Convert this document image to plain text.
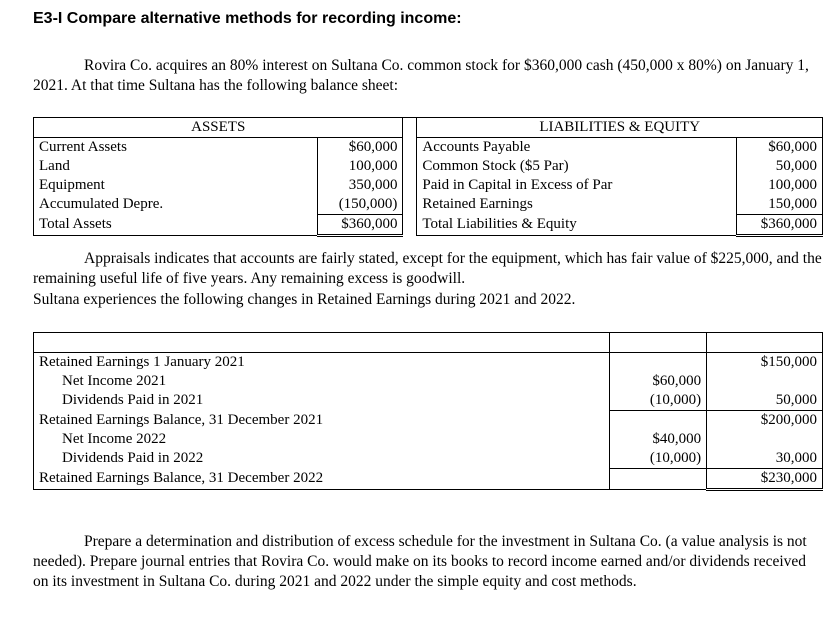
E3-I Compare alternative methods for recording income:
Rovira Co. acquires an 80% interest on Sultana Co. common stock for $360,000 cash (450,000 x 80%) on January 1, 2021. At that time Sultana has the following balance sheet:
ASSETS			LIABILITIES & EQUITY	
Current Assets	$60,000		Accounts Payable	$60,000
Land	100,000		Common Stock ($5 Par)	50,000
Equipment	350,000		Paid in Capital in Excess of Par	100,000
Accumulated Depre.	(150,000)		Retained Earnings	150,000
Total Assets	$360,000		Total Liabilities & Equity	$360,000
Appraisals indicates that accounts are fairly stated, except for the equipment, which has fair value of $225,000, and the remaining useful life of five years. Any remaining excess is goodwill.
Sultana experiences the following changes in Retained Earnings during 2021 and 2022.

Retained Earnings 1 January 2021		$150,000
Net Income 2021	$60,000	
Dividends Paid in 2021	(10,000)	50,000
Retained Earnings Balance, 31 December 2021		$200,000
Net Income 2022	$40,000	
Dividends Paid in 2022	(10,000)	30,000
Retained Earnings Balance, 31 December 2022		$230,000
Prepare a determination and distribution of excess schedule for the investment in Sultana Co. (a value analysis is not needed). Prepare journal entries that Rovira Co. would make on its books to record income earned and/or dividends received on its investment in Sultana Co. during 2021 and 2022 under the simple equity and cost methods.
